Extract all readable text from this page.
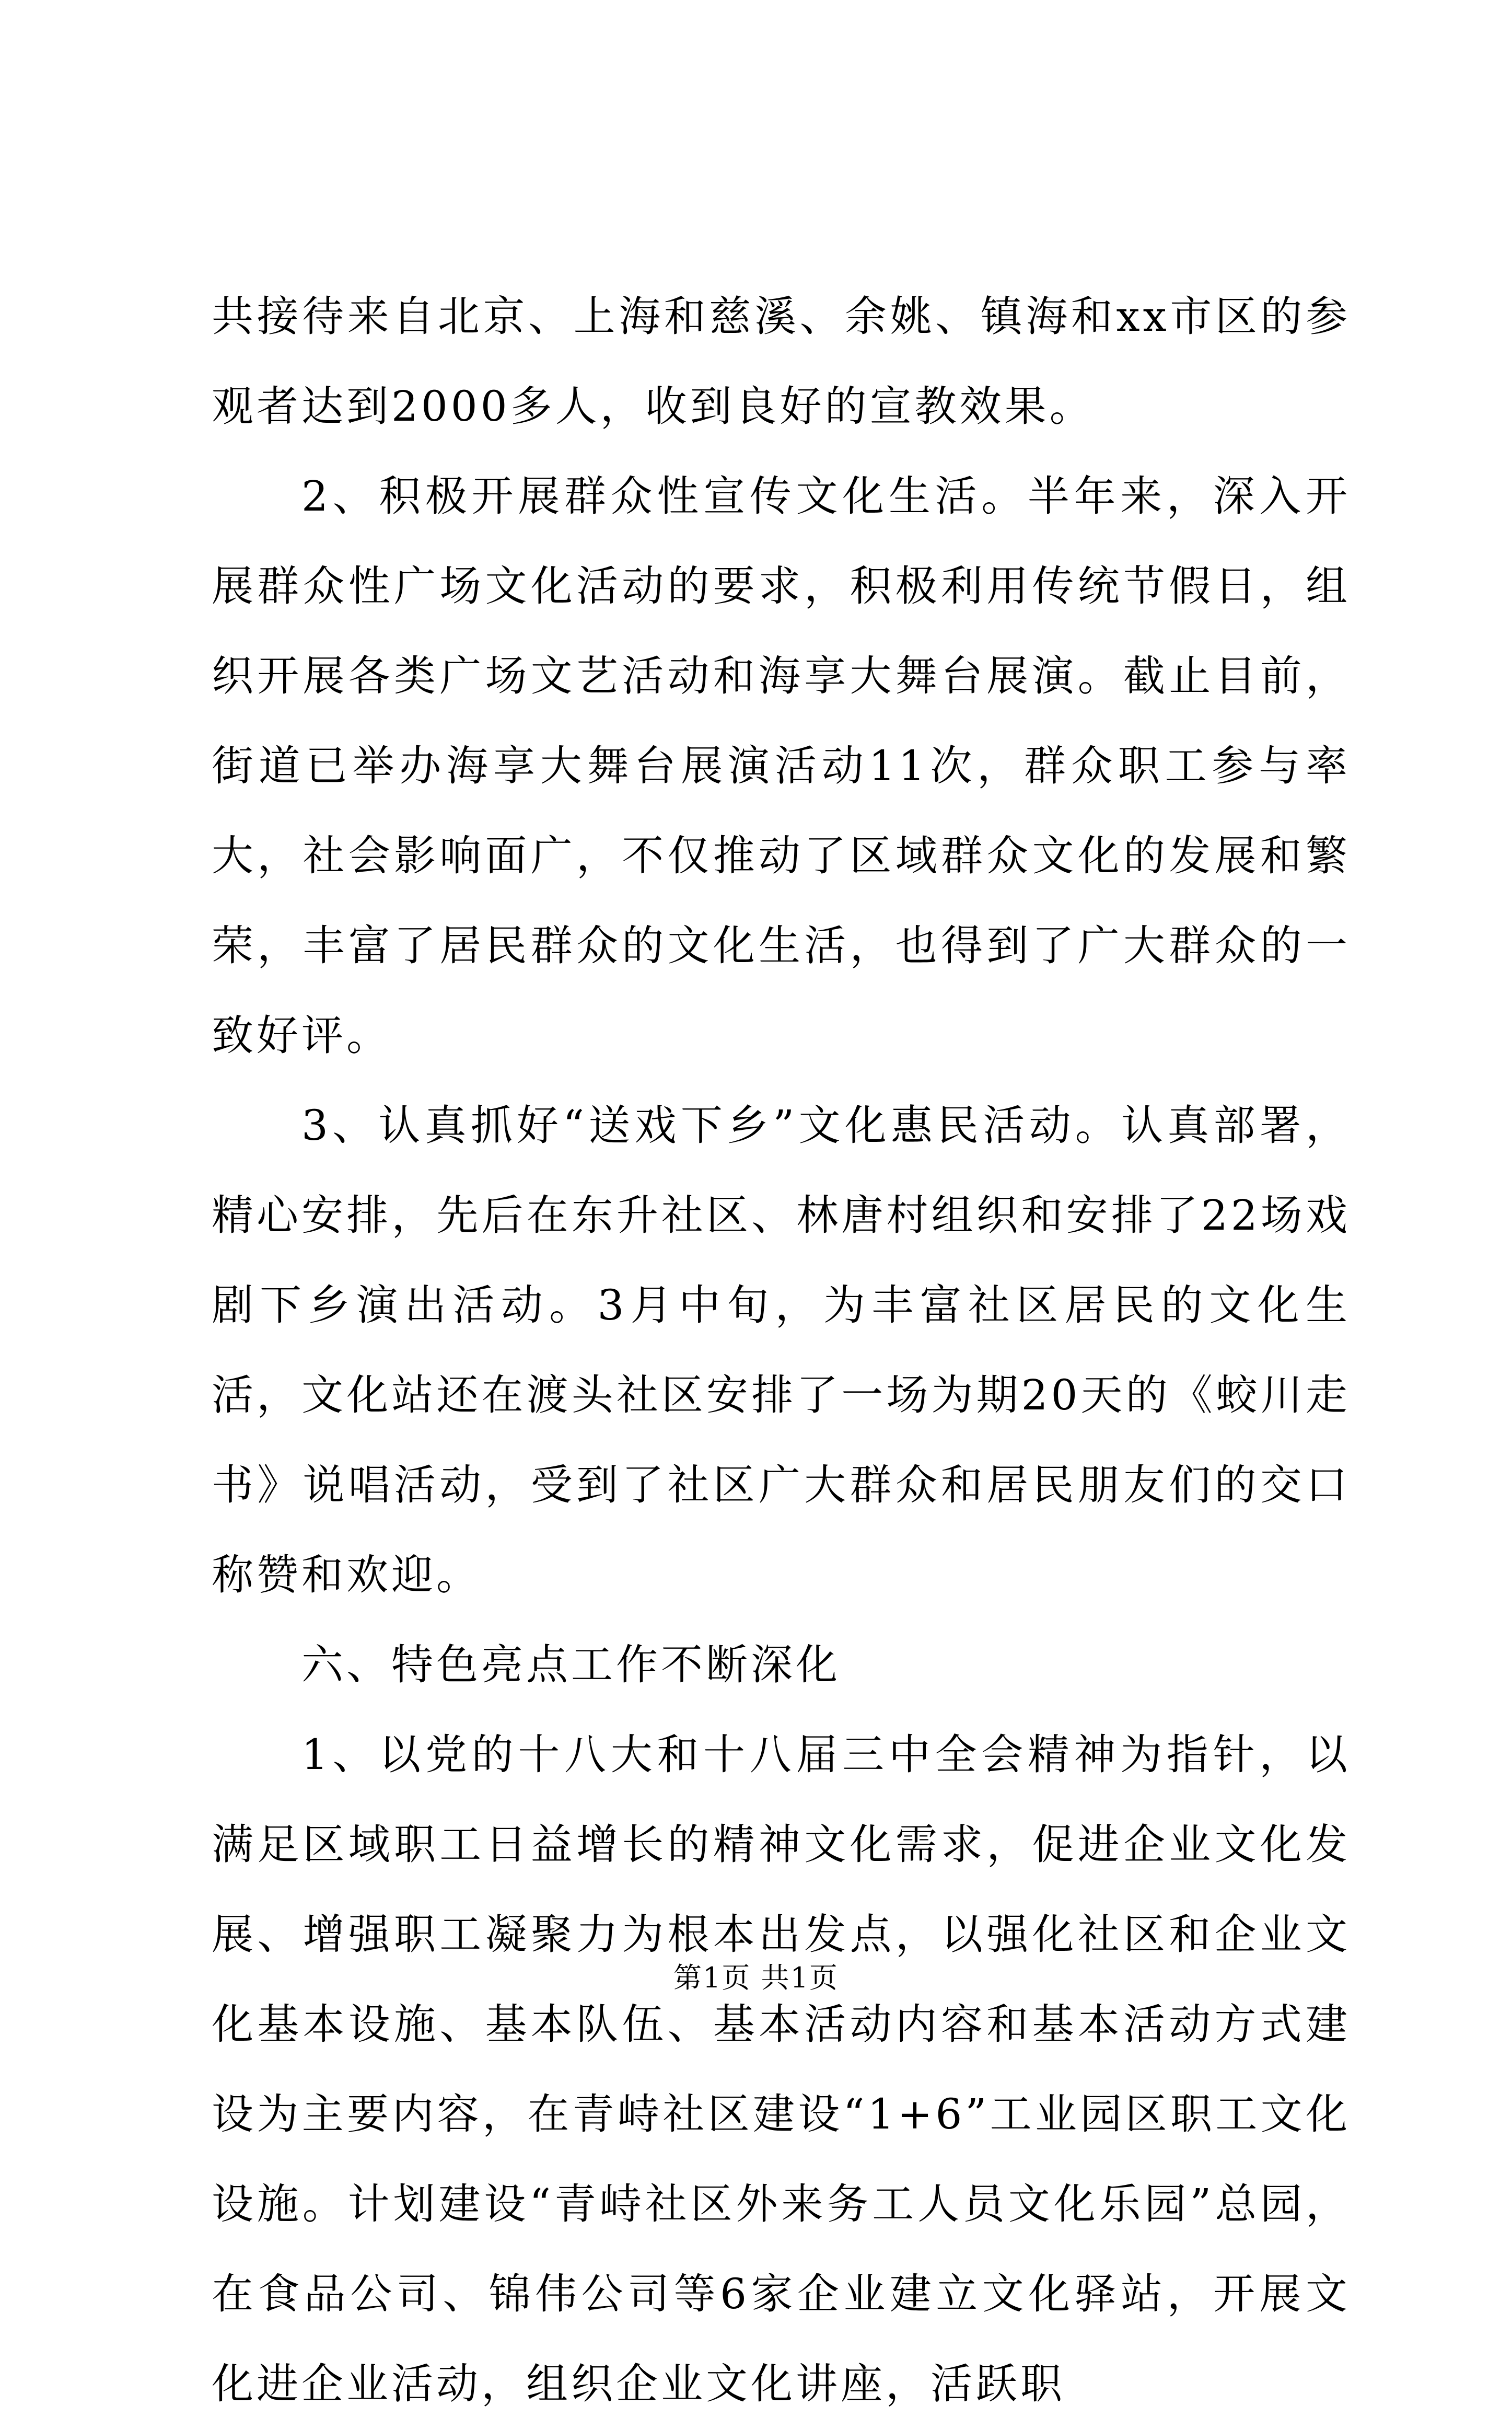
共接待来自北京、上海和慈溪、余姚、镇海和xx市区的参观者达到2000多人，收到良好的宣教效果。

2、积极开展群众性宣传文化生活。半年来，深入开展群众性广场文化活动的要求，积极利用传统节假日，组织开展各类广场文艺活动和海享大舞台展演。截止目前，街道已举办海享大舞台展演活动11次，群众职工参与率大，社会影响面广，不仅推动了区域群众文化的发展和繁荣，丰富了居民群众的文化生活，也得到了广大群众的一致好评。

3、认真抓好“送戏下乡”文化惠民活动。认真部署，精心安排，先后在东升社区、林唐村组织和安排了22场戏剧下乡演出活动。3月中旬，为丰富社区居民的文化生活，文化站还在渡头社区安排了一场为期20天的《蛟川走书》说唱活动，受到了社区广大群众和居民朋友们的交口称赞和欢迎。

六、特色亮点工作不断深化

1、以党的十八大和十八届三中全会精神为指针，以满足区域职工日益增长的精神文化需求，促进企业文化发展、增强职工凝聚力为根本出发点，以强化社区和企业文化基本设施、基本队伍、基本活动内容和基本活动方式建设为主要内容，在青峙社区建设“1+6”工业园区职工文化设施。计划建设“青峙社区外来务工人员文化乐园”总园，在食品公司、锦伟公司等6家企业建立文化驿站，开展文化进企业活动，组织企业文化讲座，活跃职

第1页 共1页
